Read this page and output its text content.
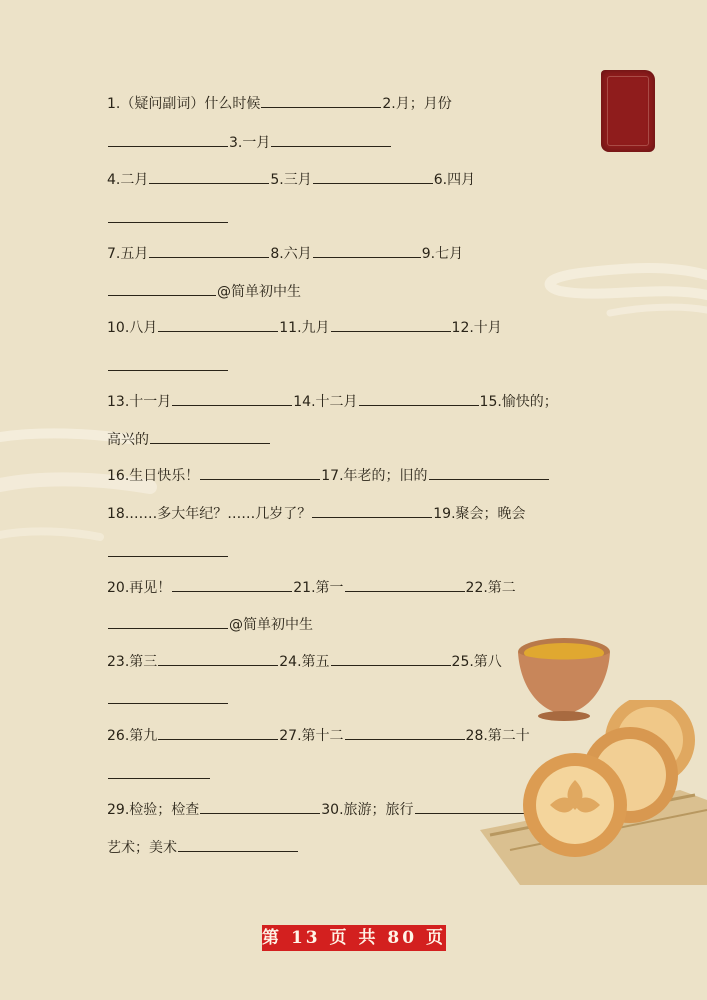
1.（疑问副词）什么时候	2.月；月份
3.一月
4.二月	5.三月	6.四月
7.五月	8.六月	9.七月
@简单初中生
10.八月	11.九月	12.十月
13.十一月	14.十二月	15.愉快的；
高兴的
16.生日快乐！	17.年老的；旧的
18.……多大年纪？……几岁了？	19.聚会；晚会
20.再见！	21.第一	22.第二
@简单初中生
23.第三	24.第五	25.第八
26.第九	27.第十二	28.第二十
29.检验；检查	30.旅游；旅行
艺术；美术
第 13 页 共 80 页
